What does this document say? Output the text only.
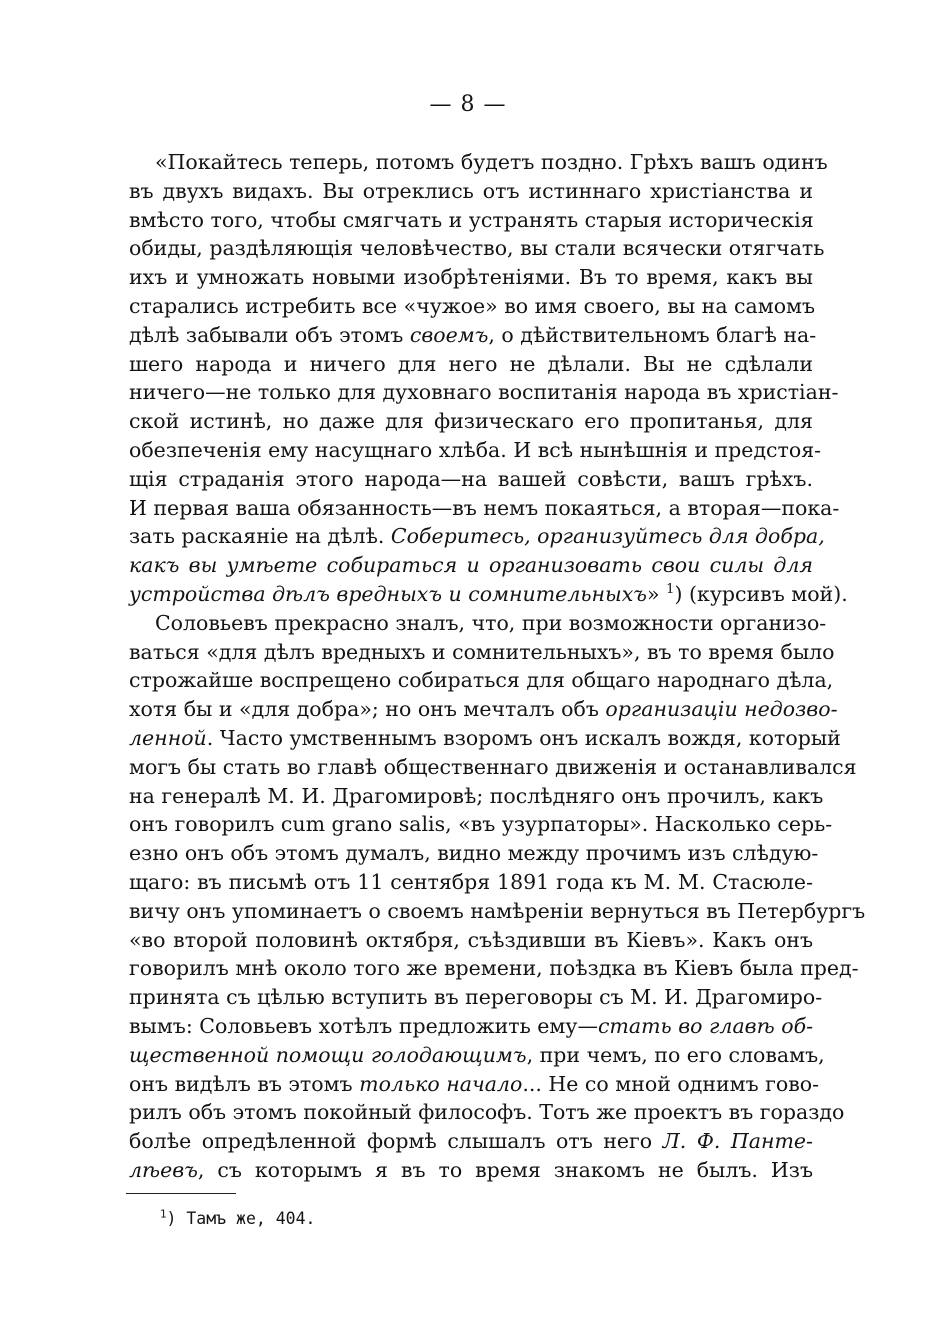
— 8 —
«Покайтесь теперь, потомъ будетъ поздно. Грѣхъ вашъ одинъ
въ двухъ видахъ. Вы отреклись отъ истиннаго христіанства и
вмѣсто того, чтобы смягчать и устранять старыя историческія
обиды, раздѣляющія человѣчество, вы стали всячески отягчать
ихъ и умножать новыми изобрѣтеніями. Въ то время, какъ вы
старались истребить все «чужое» во имя своего, вы на самомъ
дѣлѣ забывали объ этомъ своемъ, о дѣйствительномъ благѣ на-
шего народа и ничего для него не дѣлали. Вы не сдѣлали
ничего—не только для духовнаго воспитанія народа въ христіан-
ской истинѣ, но даже для физическаго его пропитанья, для
обезпеченія ему насущнаго хлѣба. И всѣ нынѣшнія и предстоя-
щія страданія этого народа—на вашей совѣсти, вашъ грѣхъ.
И первая ваша обязанность—въ немъ покаяться, а вторая—пока-
зать раскаяніе на дѣлѣ. Соберитесь, организуйтесь для добра,
какъ вы умѣете собираться и организовать свои силы для
устройства дѣлъ вредныхъ и сомнительныхъ» $^1$) (курсивъ мой).
Соловьевъ прекрасно зналъ, что, при возможности организо-
ваться «для дѣлъ вредныхъ и сомнительныхъ», въ то время было
строжайше воспрещено собираться для общаго народнаго дѣла,
хотя бы и «для добра»; но онъ мечталъ объ организаціи недозво-
ленной. Часто умственнымъ взоромъ онъ искалъ вождя, который
могъ бы стать во главѣ общественнаго движенія и останавливался
на генералѣ М. И. Драгомировѣ; послѣдняго онъ прочилъ, какъ
онъ говорилъ cum grano salis, «въ узурпаторы». Насколько серь-
езно онъ объ этомъ думалъ, видно между прочимъ изъ слѣдую-
щаго: въ письмѣ отъ 11 сентября 1891 года къ М. М. Стасюле-
вичу онъ упоминаетъ о своемъ намѣреніи вернуться въ Петербургъ
«во второй половинѣ октября, съѣздивши въ Кіевъ». Какъ онъ
говорилъ мнѣ около того же времени, поѣздка въ Кіевъ была пред-
принята съ цѣлью вступить въ переговоры съ М. И. Драгомиро-
вымъ: Соловьевъ хотѣлъ предложить ему—стать во главѣ об-
щественной помощи голодающимъ, при чемъ, по его словамъ,
онъ видѣлъ въ этомъ только начало... Не со мной однимъ гово-
рилъ объ этомъ покойный философъ. Тотъ же проектъ въ гораздо
болѣе опредѣленной формѣ слышалъ отъ него Л. Ф. Пантe-
лѣевъ, съ которымъ я въ то время знакомъ не былъ. Изъ
$^1$) Тамъ же, 404.
